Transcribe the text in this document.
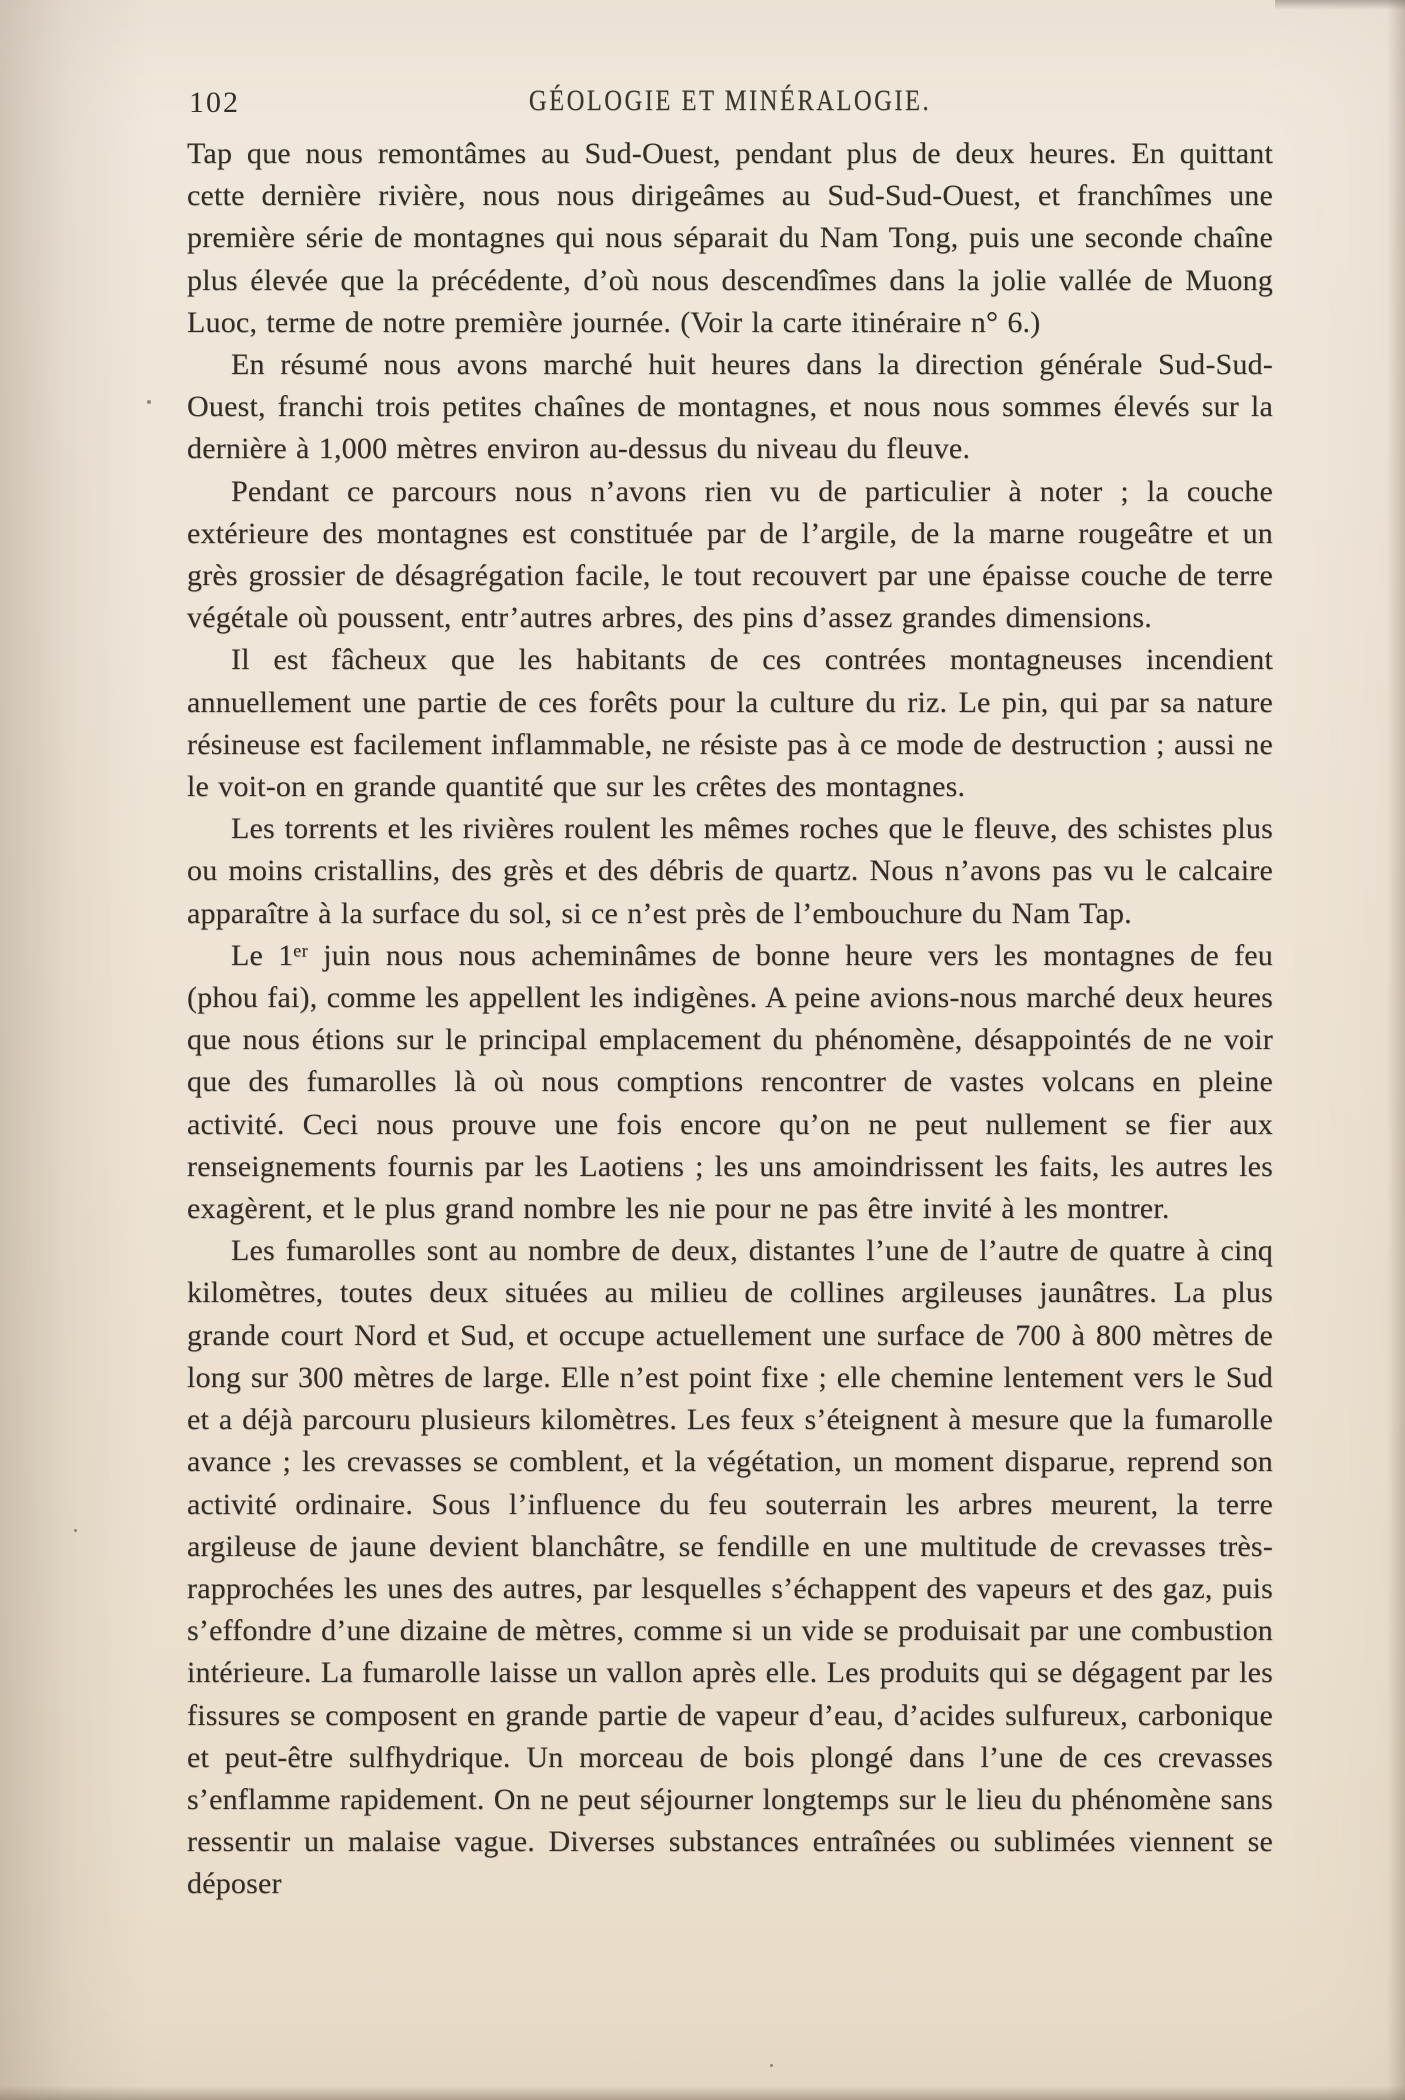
102	GÉOLOGIE ET MINÉRALOGIE.

Tap que nous remontâmes au Sud-Ouest, pendant plus de deux heures. En quittant cette dernière rivière, nous nous dirigeâmes au Sud-Sud-Ouest, et franchîmes une première série de montagnes qui nous séparait du Nam Tong, puis une seconde chaîne plus élevée que la précédente, d’où nous descendîmes dans la jolie vallée de Muong Luoc, terme de notre première journée. (Voir la carte itinéraire n° 6.)

En résumé nous avons marché huit heures dans la direction générale Sud-Sud-Ouest, franchi trois petites chaînes de montagnes, et nous nous sommes élevés sur la dernière à 1,000 mètres environ au-dessus du niveau du fleuve.

Pendant ce parcours nous n’avons rien vu de particulier à noter ; la couche extérieure des montagnes est constituée par de l’argile, de la marne rougeâtre et un grès grossier de désagrégation facile, le tout recouvert par une épaisse couche de terre végétale où poussent, entr’autres arbres, des pins d’assez grandes dimensions.

Il est fâcheux que les habitants de ces contrées montagneuses incendient annuellement une partie de ces forêts pour la culture du riz. Le pin, qui par sa nature résineuse est facilement inflammable, ne résiste pas à ce mode de destruction ; aussi ne le voit-on en grande quantité que sur les crêtes des montagnes.

Les torrents et les rivières roulent les mêmes roches que le fleuve, des schistes plus ou moins cristallins, des grès et des débris de quartz. Nous n’avons pas vu le calcaire apparaître à la surface du sol, si ce n’est près de l’embouchure du Nam Tap.

Le 1ᵉʳ juin nous nous acheminâmes de bonne heure vers les montagnes de feu (phou fai), comme les appellent les indigènes. A peine avions-nous marché deux heures que nous étions sur le principal emplacement du phénomène, désappointés de ne voir que des fumarolles là où nous comptions rencontrer de vastes volcans en pleine activité. Ceci nous prouve une fois encore qu’on ne peut nullement se fier aux renseignements fournis par les Laotiens ; les uns amoindrissent les faits, les autres les exagèrent, et le plus grand nombre les nie pour ne pas être invité à les montrer.

Les fumarolles sont au nombre de deux, distantes l’une de l’autre de quatre à cinq kilomètres, toutes deux situées au milieu de collines argileuses jaunâtres. La plus grande court Nord et Sud, et occupe actuellement une surface de 700 à 800 mètres de long sur 300 mètres de large. Elle n’est point fixe ; elle chemine lentement vers le Sud et a déjà parcouru plusieurs kilomètres. Les feux s’éteignent à mesure que la fumarolle avance ; les crevasses se comblent, et la végétation, un moment disparue, reprend son activité ordinaire. Sous l’influence du feu souterrain les arbres meurent, la terre argileuse de jaune devient blanchâtre, se fendille en une multitude de crevasses très-rapprochées les unes des autres, par lesquelles s’échappent des vapeurs et des gaz, puis s’effondre d’une dizaine de mètres, comme si un vide se produisait par une combustion intérieure. La fumarolle laisse un vallon après elle. Les produits qui se dégagent par les fissures se composent en grande partie de vapeur d’eau, d’acides sulfureux, carbonique et peut-être sulfhydrique. Un morceau de bois plongé dans l’une de ces crevasses s’enflamme rapidement. On ne peut séjourner longtemps sur le lieu du phénomène sans ressentir un malaise vague. Diverses substances entraînées ou sublimées viennent se déposer
